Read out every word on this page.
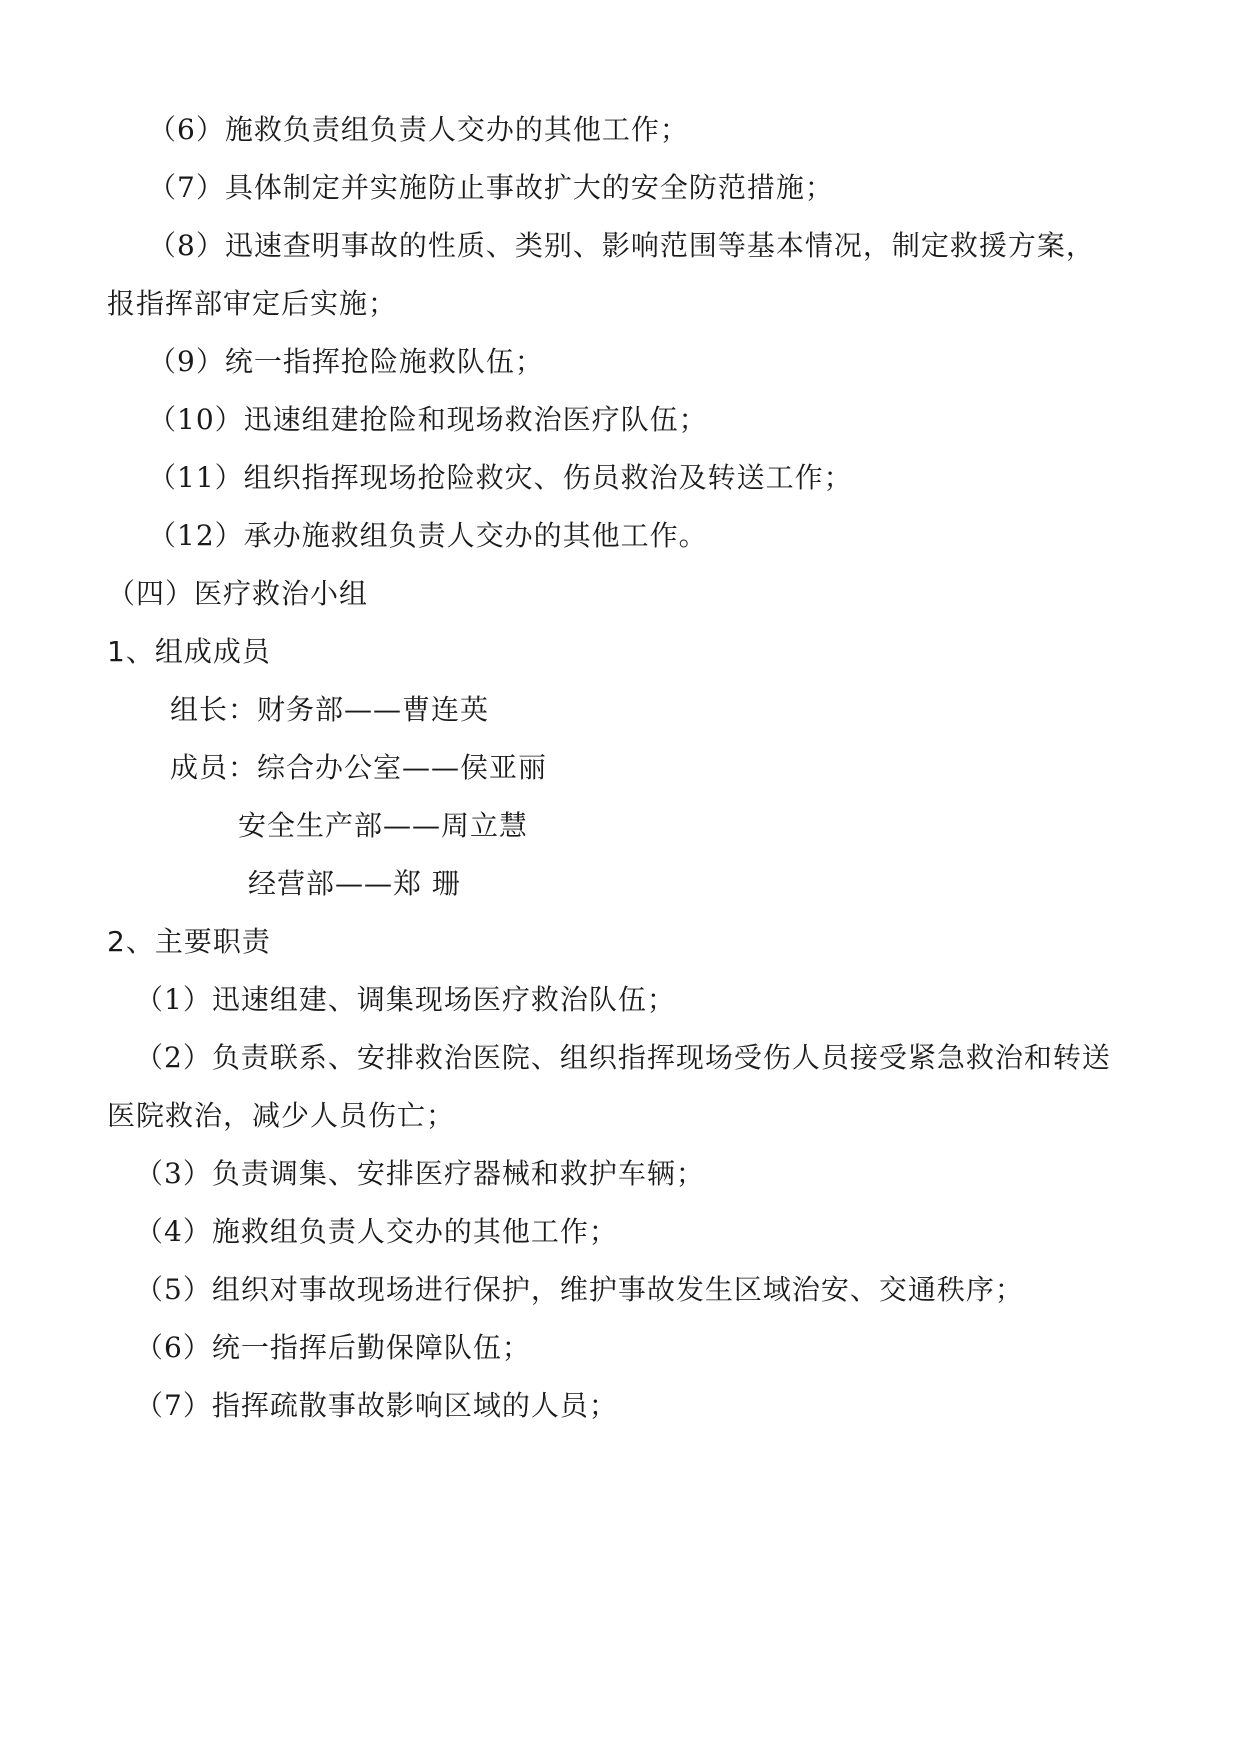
（6）施救负责组负责人交办的其他工作；
（7）具体制定并实施防止事故扩大的安全防范措施；
（8）迅速查明事故的性质、类别、影响范围等基本情况，制定救援方案，
报指挥部审定后实施；
（9）统一指挥抢险施救队伍；
（10）迅速组建抢险和现场救治医疗队伍；
（11）组织指挥现场抢险救灾、伤员救治及转送工作；
（12）承办施救组负责人交办的其他工作。
（四）医疗救治小组
1、组成成员
组长：财务部——曹连英
成员：综合办公室——侯亚丽
安全生产部——周立慧
经营部——郑 珊
2、主要职责
（1）迅速组建、调集现场医疗救治队伍；
（2）负责联系、安排救治医院、组织指挥现场受伤人员接受紧急救治和转送
医院救治，减少人员伤亡；
（3）负责调集、安排医疗器械和救护车辆；
（4）施救组负责人交办的其他工作；
（5）组织对事故现场进行保护，维护事故发生区域治安、交通秩序；
（6）统一指挥后勤保障队伍；
（7）指挥疏散事故影响区域的人员；
